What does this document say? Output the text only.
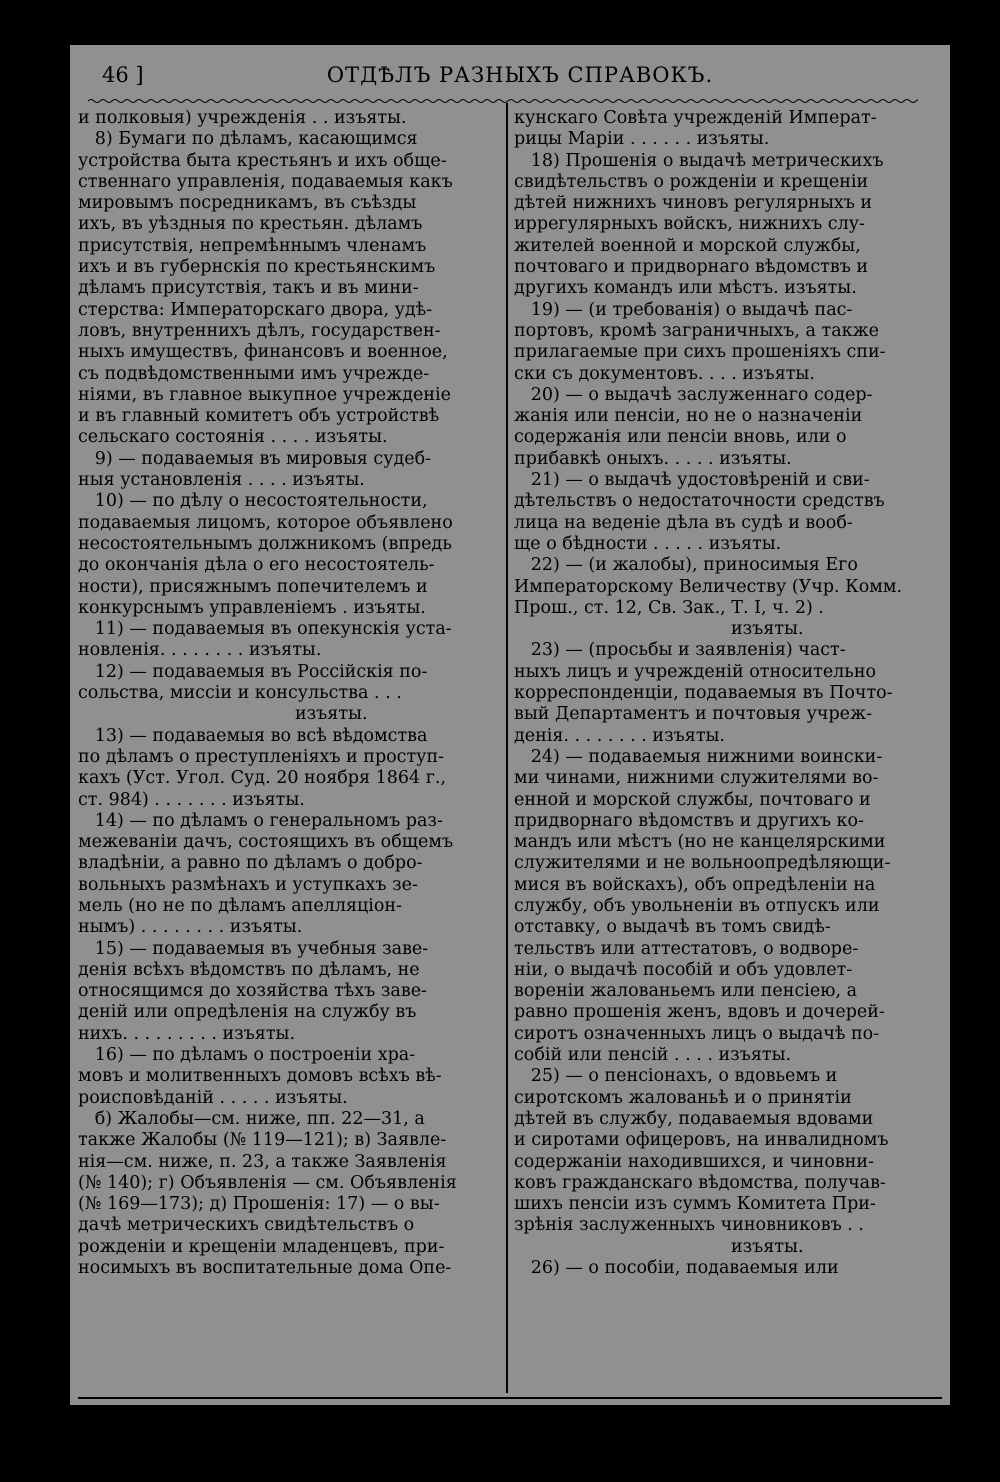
46 ]	ОТДѢЛЪ РАЗНЫХЪ СПРАВОКЪ.

и полковыя) учрежденія . . изъяты.

8) Бумаги по дѣламъ, касающимся

устройства быта крестьянъ и ихъ обще-

ственнаго управленія, подаваемыя какъ

мировымъ посредникамъ, въ съѣзды

ихъ, въ уѣздныя по крестьян. дѣламъ

присутствія, непремѣннымъ членамъ

ихъ и въ губернскія по крестьянскимъ

дѣламъ присутствія, такъ и въ мини-

стерства: Императорскаго двора, удѣ-

ловъ, внутреннихъ дѣлъ, государствен-

ныхъ имуществъ, финансовъ и военное,

съ подвѣдомственными имъ учрежде-

ніями, въ главное выкупное учрежденіе

и въ главный комитетъ объ устройствѣ

сельскаго состоянія . . . . изъяты.

9) — подаваемыя въ мировыя судеб-

ныя установленія . . . . изъяты.

10) — по дѣлу о несостоятельности,

подаваемыя лицомъ, которое объявлено

несостоятельнымъ должникомъ (впредь

до окончанія дѣла о его несостоятель-

ности), присяжнымъ попечителемъ и

конкурснымъ управленіемъ . изъяты.

11) — подаваемыя въ опекунскія уста-

новленія. . . . . . . . изъяты.

12) — подаваемыя въ Россійскія по-

сольства, миссіи и консульства . . .

изъяты.

13) — подаваемыя во всѣ вѣдомства

по дѣламъ о преступленіяхъ и проступ-

кахъ (Уст. Угол. Суд. 20 ноября 1864 г.,

ст. 984) . . . . . . . изъяты.

14) — по дѣламъ о генеральномъ раз-

межеваніи дачъ, состоящихъ въ общемъ

владѣніи, а равно по дѣламъ о добро-

вольныхъ размѣнахъ и уступкахъ зе-

мель (но не по дѣламъ апелляціон-

нымъ) . . . . . . . . изъяты.

15) — подаваемыя въ учебныя заве-

денія всѣхъ вѣдомствъ по дѣламъ, не

относящимся до хозяйства тѣхъ заве-

деній или опредѣленія на службу въ

нихъ. . . . . . . . . изъяты.

16) — по дѣламъ о построеніи хра-

мовъ и молитвенныхъ домовъ всѣхъ вѣ-

роисповѣданій . . . . . изъяты.

б) Жалобы—см. ниже, пп. 22—31, а

также Жалобы (№ 119—121); в) Заявле-

нія—см. ниже, п. 23, а также Заявленія

(№ 140); г) Объявленія — см. Объявленія

(№ 169—173); д) Прошенія: 17) — о вы-

дачѣ метрическихъ свидѣтельствъ о

рожденіи и крещеніи младенцевъ, при-

носимыхъ въ воспитательные дома Опе-

кунскаго Совѣта учрежденій Императ-

рицы Маріи . . . . . . изъяты.

18) Прошенія о выдачѣ метрическихъ

свидѣтельствъ о рожденіи и крещеніи

дѣтей нижнихъ чиновъ регулярныхъ и

иррегулярныхъ войскъ, нижнихъ слу-

жителей военной и морской службы,

почтоваго и придворнаго вѣдомствъ и

другихъ командъ или мѣстъ. изъяты.

19) — (и требованія) о выдачѣ пас-

портовъ, кромѣ заграничныхъ, а также

прилагаемые при сихъ прошеніяхъ спи-

ски съ документовъ. . . . изъяты.

20) — о выдачѣ заслуженнаго содер-

жанія или пенсіи, но не о назначеніи

содержанія или пенсіи вновь, или о

прибавкѣ оныхъ. . . . . изъяты.

21) — о выдачѣ удостовѣреній и сви-

дѣтельствъ о недостаточности средствъ

лица на веденіе дѣла въ судѣ и вооб-

ще о бѣдности . . . . . изъяты.

22) — (и жалобы), приносимыя Его

Императорскому Величеству (Учр. Комм.

Прош., ст. 12, Св. Зак., Т. I, ч. 2) .

изъяты.

23) — (просьбы и заявленія) част-

ныхъ лицъ и учрежденій относительно

корреспонденціи, подаваемыя въ Почто-

вый Департаментъ и почтовыя учреж-

денія. . . . . . . . изъяты.

24) — подаваемыя нижними воински-

ми чинами, нижними служителями во-

енной и морской службы, почтоваго и

придворнаго вѣдомствъ и другихъ ко-

мандъ или мѣстъ (но не канцелярскими

служителями и не вольноопредѣляющи-

мися въ войскахъ), объ опредѣленіи на

службу, объ увольненіи въ отпускъ или

отставку, о выдачѣ въ томъ свидѣ-

тельствъ или аттестатовъ, о водворе-

ніи, о выдачѣ пособій и объ удовлет-

вореніи жалованьемъ или пенсіею, а

равно прошенія женъ, вдовъ и дочерей-

сиротъ означенныхъ лицъ о выдачѣ по-

собій или пенсій . . . . изъяты.

25) — о пенсіонахъ, о вдовьемъ и

сиротскомъ жалованьѣ и о принятіи

дѣтей въ службу, подаваемыя вдовами

и сиротами офицеровъ, на инвалидномъ

содержаніи находившихся, и чиновни-

ковъ гражданскаго вѣдомства, получав-

шихъ пенсіи изъ суммъ Комитета При-

зрѣнія заслуженныхъ чиновниковъ . .

изъяты.

26) — о пособіи, подаваемыя или
